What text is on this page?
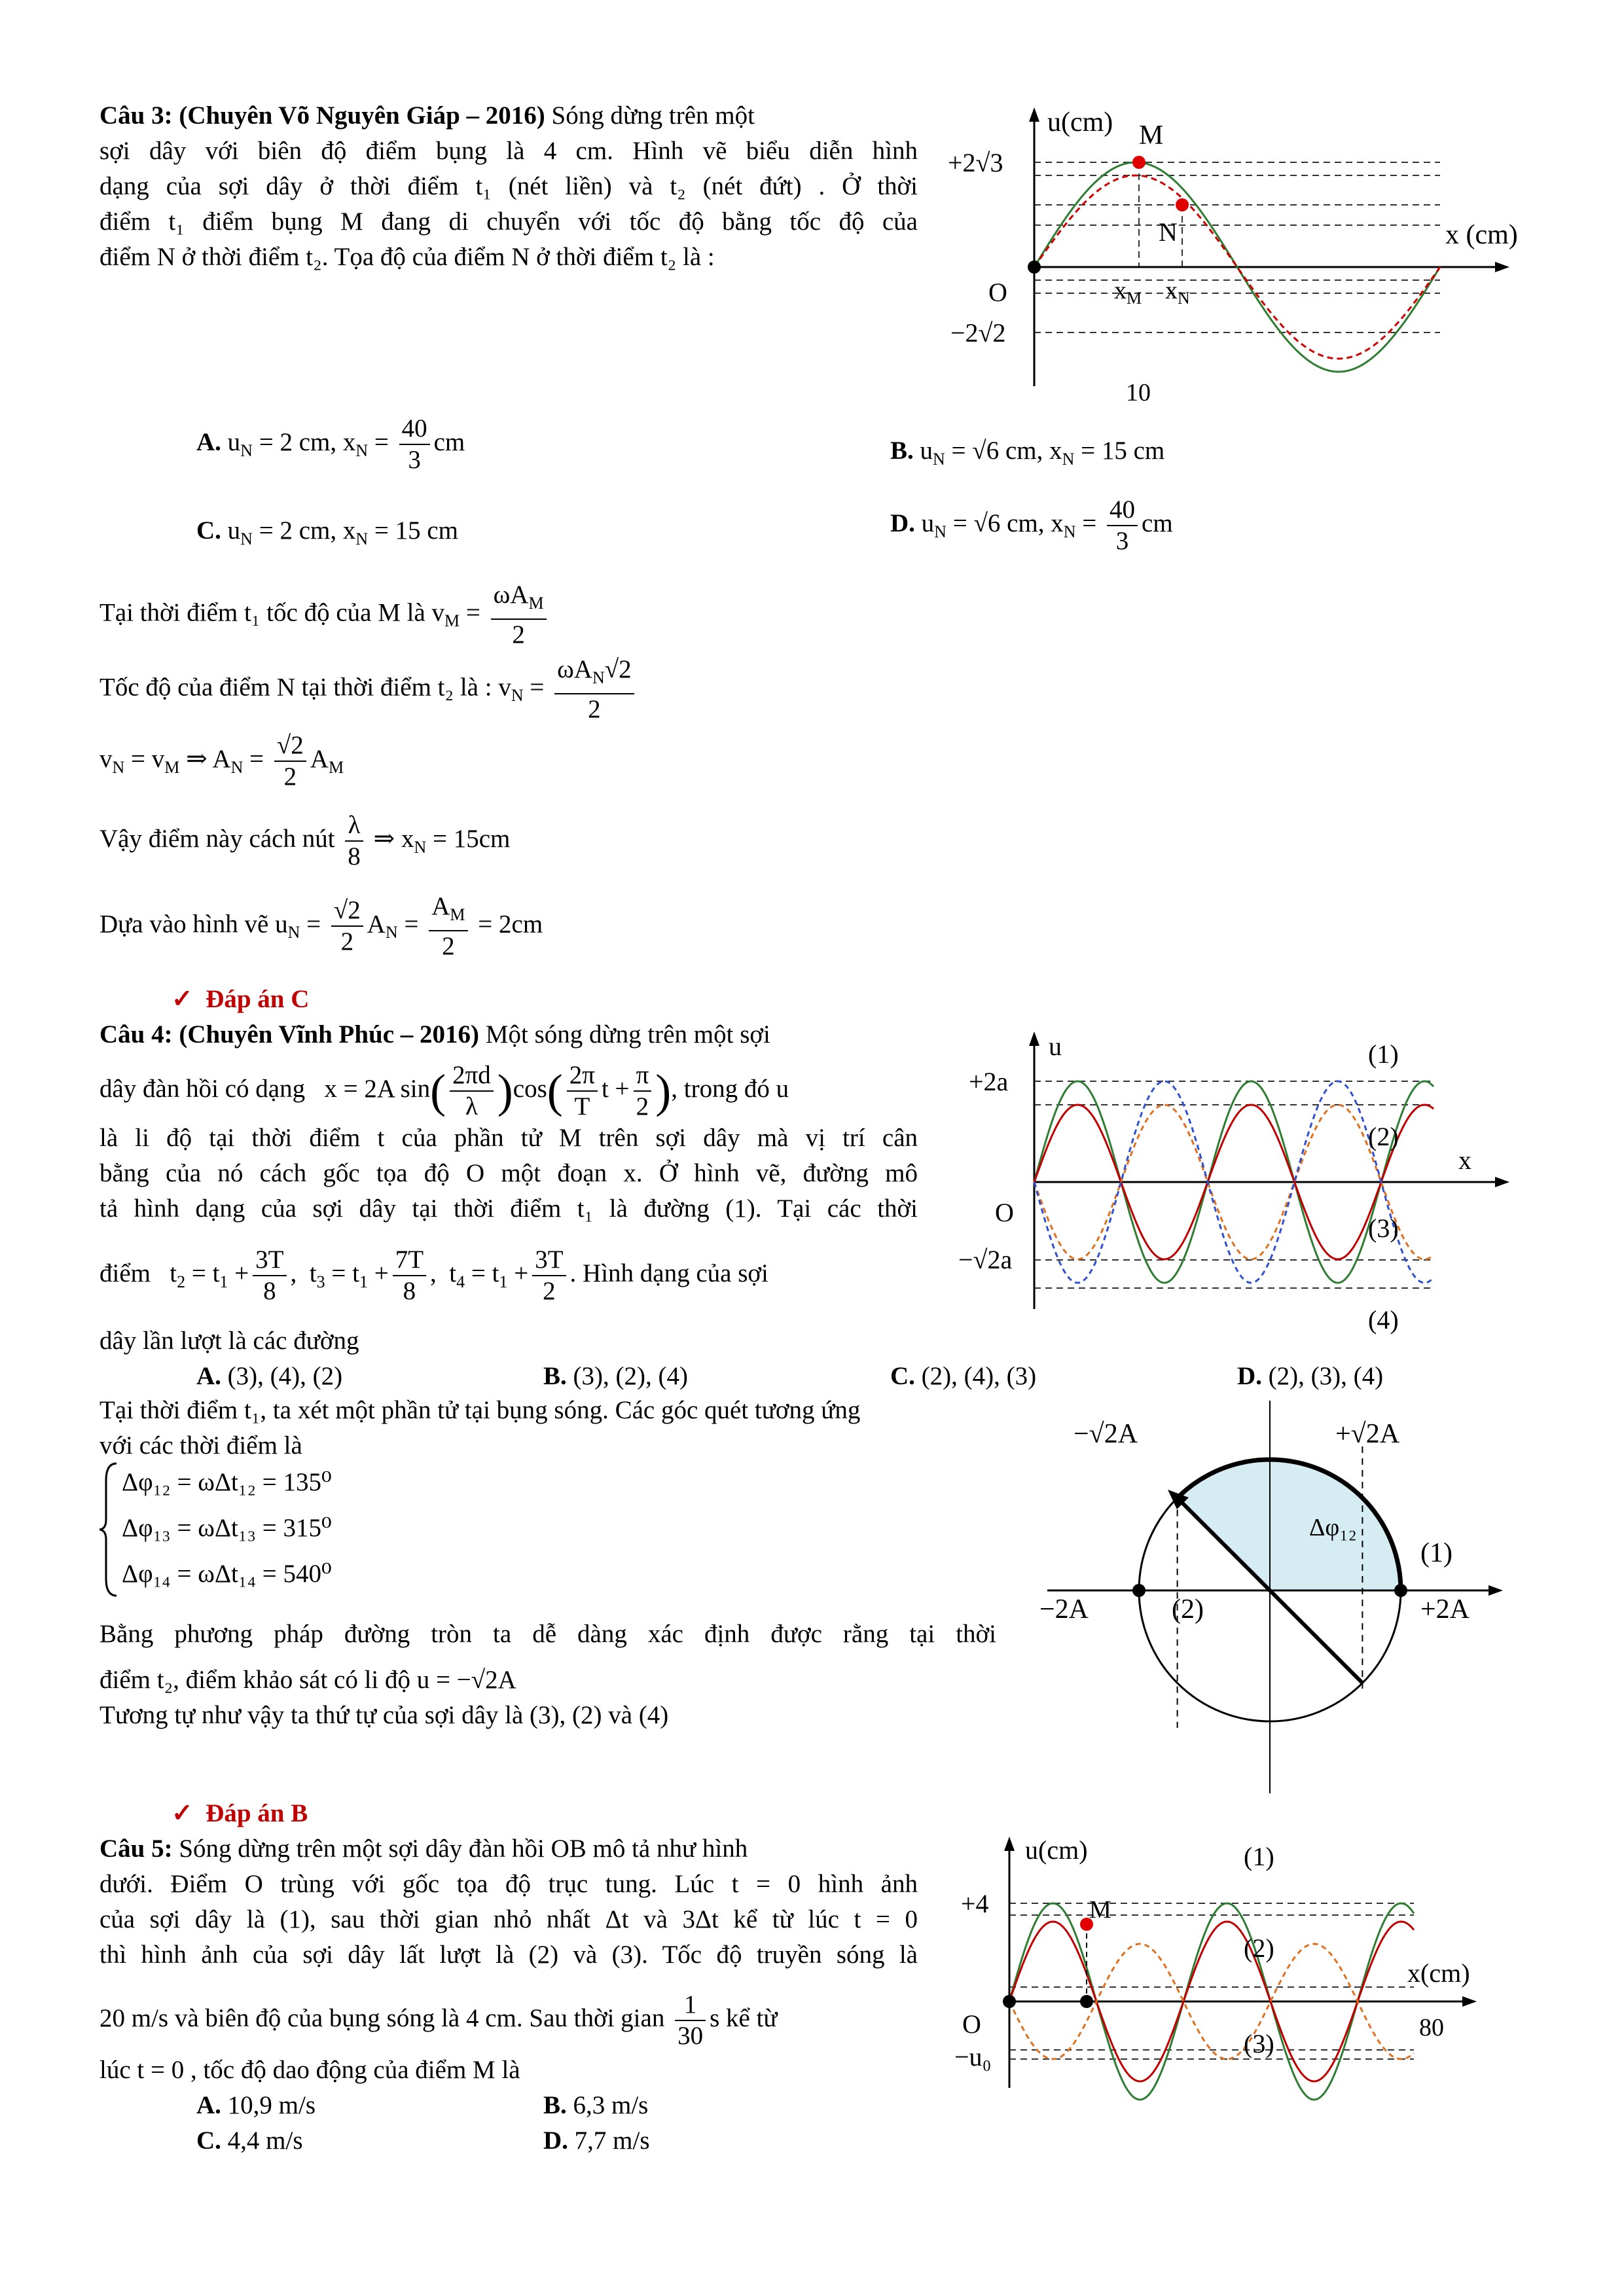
Câu 3: (Chuyên Võ Nguyên Giáp – 2016) Sóng dừng trên một
sợi dây với biên độ điểm bụng là 4 cm. Hình vẽ biểu diễn hình
dạng của sợi dây ở thời điểm t₁ (nét liền) và t₂ (nét đứt) . Ở thời
điểm t₁ điểm bụng M đang di chuyển với tốc độ bằng tốc độ của
điểm N ở thời điểm t₂. Tọa độ của điểm N ở thời điểm t₂ là :
u(cm) M
N	x (cm)
O
+2√3
−2√2
$x_M$ $x_N$
10
A. $u_N = 2$ cm, $x_N = \frac{40}{3}$ cm	B. $u_N = √6$ cm, $x_N = 15$ cm
C. $u_N = 2$ cm, $x_N = 15$ cm	D. $u_N = √6$ cm, $x_N = \frac{40}{3}$ cm
Tại thời điểm t₁ tốc độ của M là $v_M = \frac{\omega A_M}{2}$
Tốc độ của điểm N tại thời điểm t₂ là : $v_N = \frac{\omega A_N√2}{2}$
$v_N = v_M$ ⇒ $A_N = \frac{√2}{2} A_M$
Vậy điểm này cách nút $\frac{\lambda}{8}$ ⇒ $x_N = 15cm$
Dựa vào hình vẽ $u_N = \frac{√2}{2} A_N = \frac{A_M}{2} = 2cm$
✓ Đáp án C
Câu 4: (Chuyên Vĩnh Phúc – 2016) Một sóng dừng trên một sợi
dây đàn hồi có dạng x = 2A $\sin( \frac{2\pi d}{\lambda} )\cos( \frac{2\pi}{T}$ $t + \frac{\pi}{2}$ ), trong đó u
là li độ tại thời điểm t của phần tử M trên sợi dây mà vị trí cân
bằng của nó cách gốc tọa độ O một đoạn x. Ở hình vẽ, đường mô
tả hình dạng của sợi dây tại thời điểm t₁ là đường (1). Tại các thời
điểm   $t_2 = t_1 + \frac{3T}{8}$ ,  $t_3 = t_1 + \frac{7T}{8}$ ,  $t_4 = t_1 + \frac{3T}{2}$ . Hình dạng của sợi
dây lần lượt là các đường
u
x
O
+2a
−√2a
(1)
(2)
(3)
(4)
A. (3), (4), (2)	B. (3), (2), (4)	C. (2), (4), (3)	D. (2), (3), (4)
Tại thời điểm t₁, ta xét một phần tử tại bụng sóng. Các góc quét tương ứng
với các thời điểm là
Δφ₁₂ = ωΔt₁₂ = 135⁰
Δφ₁₃ = ωΔt₁₃ = 315⁰
Δφ₁₄ = ωΔt₁₄ = 540⁰
Bằng phương pháp đường tròn ta dễ dàng xác định được rằng tại thời
điểm t₂, điểm khảo sát có li độ u = −√2A
Tương tự như vậy ta thứ tự của sợi dây là (3), (2) và (4)
−√2A	+√2A
−2A	+2A
Δφ₁₂
(1)
(2)
✓ Đáp án B
Câu 5: Sóng dừng trên một sợi dây đàn hồi OB mô tả như hình
dưới. Điểm O trùng với gốc tọa độ trục tung. Lúc t = 0 hình ảnh
của sợi dây là (1), sau thời gian nhỏ nhất Δt và 3Δt kể từ lúc t = 0
thì hình ảnh của sợi dây lất lượt là (2) và (3). Tốc độ truyền sóng là
20 m/s và biên độ của bụng sóng là 4 cm. Sau thời gian $\frac{1}{30}$ s kể từ
lúc t = 0 , tốc độ dao động của điểm M là
A. 10,9 m/s	B. 6,3 m/s
C. 4,4 m/s	D. 7,7 m/s
u(cm)
M
x(cm)
O
+4
−u₀
80
(1)
(2)
(3)
